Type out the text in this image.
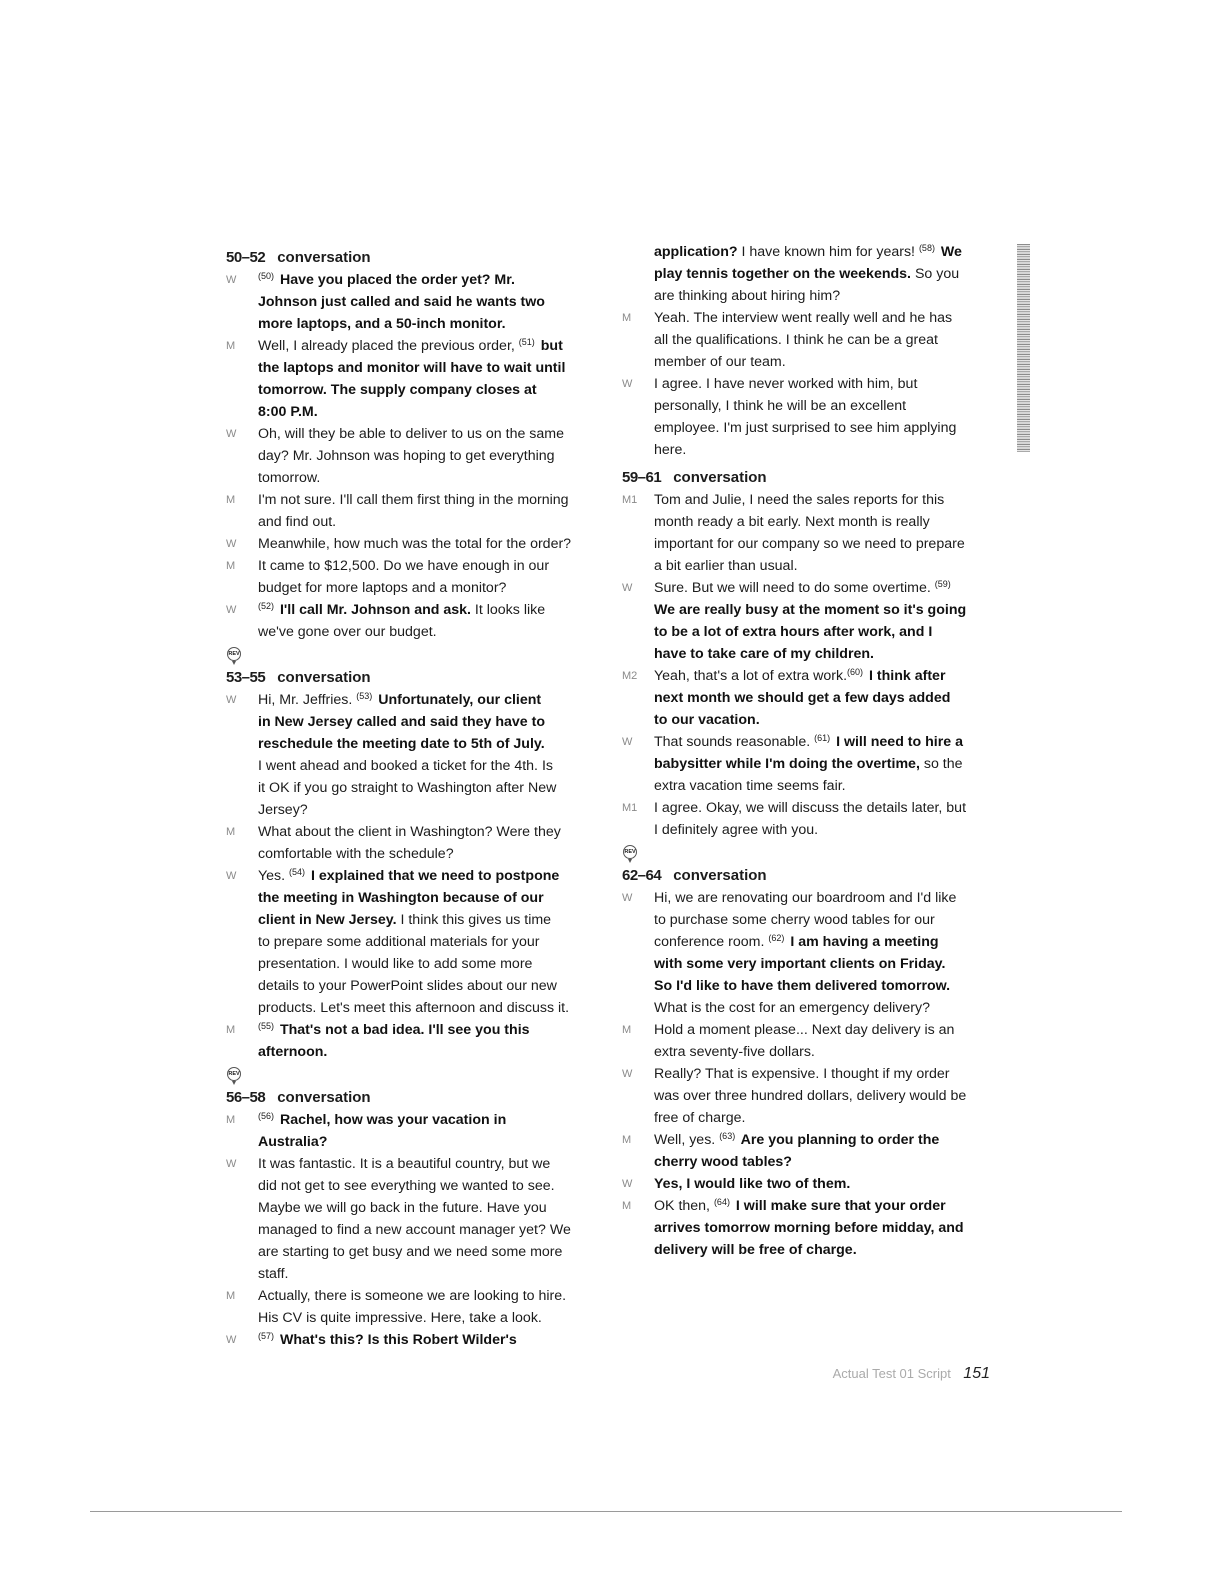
50–52 conversation
W	$^{(50)}$ Have you placed the order yet? Mr.
Johnson just called and said he wants two
more laptops, and a 50-inch monitor.
M	Well, I already placed the previous order, $^{(51)}$ but
the laptops and monitor will have to wait until
tomorrow. The supply company closes at
8:00 P.M.
W	Oh, will they be able to deliver to us on the same
day? Mr. Johnson was hoping to get everything
tomorrow.
M	I'm not sure. I'll call them first thing in the morning
and find out.
W	Meanwhile, how much was the total for the order?
M	It came to $12,500. Do we have enough in our
budget for more laptops and a monitor?
W	$^{(52)}$ I'll call Mr. Johnson and ask. It looks like
we've gone over our budget.
REV
53–55 conversation
W	Hi, Mr. Jeffries. $^{(53)}$ Unfortunately, our client
in New Jersey called and said they have to
reschedule the meeting date to 5th of July.
I went ahead and booked a ticket for the 4th. Is
it OK if you go straight to Washington after New
Jersey?
M	What about the client in Washington? Were they
comfortable with the schedule?
W	Yes. $^{(54)}$ I explained that we need to postpone
the meeting in Washington because of our
client in New Jersey. I think this gives us time
to prepare some additional materials for your
presentation. I would like to add some more
details to your PowerPoint slides about our new
products. Let's meet this afternoon and discuss it.
M	$^{(55)}$ That's not a bad idea. I'll see you this
afternoon.
REV
56–58 conversation
M	$^{(56)}$ Rachel, how was your vacation in
Australia?
W	It was fantastic. It is a beautiful country, but we
did not get to see everything we wanted to see.
Maybe we will go back in the future. Have you
managed to find a new account manager yet? We
are starting to get busy and we need some more
staff.
M	Actually, there is someone we are looking to hire.
His CV is quite impressive. Here, take a look.
W	$^{(57)}$ What's this? Is this Robert Wilder's
application? I have known him for years! $^{(58)}$ We
play tennis together on the weekends. So you
are thinking about hiring him?
M	Yeah. The interview went really well and he has
all the qualifications. I think he can be a great
member of our team.
W	I agree. I have never worked with him, but
personally, I think he will be an excellent
employee. I'm just surprised to see him applying
here.
59–61 conversation
M1	Tom and Julie, I need the sales reports for this
month ready a bit early. Next month is really
important for our company so we need to prepare
a bit earlier than usual.
W	Sure. But we will need to do some overtime. $^{(59)}$
We are really busy at the moment so it's going
to be a lot of extra hours after work, and I
have to take care of my children.
M2	Yeah, that's a lot of extra work.$^{(60)}$ I think after
next month we should get a few days added
to our vacation.
W	That sounds reasonable. $^{(61)}$ I will need to hire a
babysitter while I'm doing the overtime, so the
extra vacation time seems fair.
M1	I agree. Okay, we will discuss the details later, but
I definitely agree with you.
REV
62–64 conversation
W	Hi, we are renovating our boardroom and I'd like
to purchase some cherry wood tables for our
conference room. $^{(62)}$ I am having a meeting
with some very important clients on Friday.
So I'd like to have them delivered tomorrow.
What is the cost for an emergency delivery?
M	Hold a moment please... Next day delivery is an
extra seventy-five dollars.
W	Really? That is expensive. I thought if my order
was over three hundred dollars, delivery would be
free of charge.
M	Well, yes. $^{(63)}$ Are you planning to order the
cherry wood tables?
W	Yes, I would like two of them.
M	OK then, $^{(64)}$ I will make sure that your order
arrives tomorrow morning before midday, and
delivery will be free of charge.
Actual Test 01 Script 151
